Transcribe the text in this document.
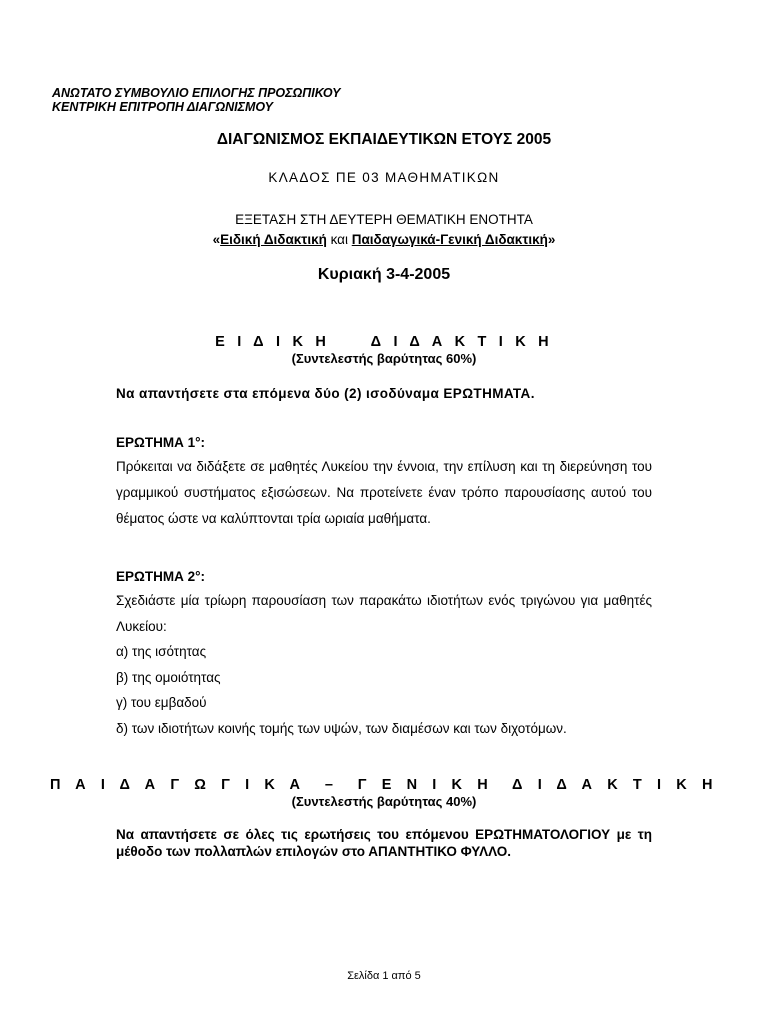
ΑΝΩΤΑΤΟ ΣΥΜΒΟΥΛΙΟ ΕΠΙΛΟΓΗΣ ΠΡΟΣΩΠΙΚΟΥ
ΚΕΝΤΡΙΚΗ ΕΠΙΤΡΟΠΗ ΔΙΑΓΩΝΙΣΜΟΥ
ΔΙΑΓΩΝΙΣΜΟΣ ΕΚΠΑΙΔΕΥΤΙΚΩΝ ΕΤΟΥΣ 2005
ΚΛΑΔΟΣ ΠΕ 03 ΜΑΘΗΜΑΤΙΚΩΝ
ΕΞΕΤΑΣΗ ΣΤΗ ΔΕΥΤΕΡΗ ΘΕΜΑΤΙΚΗ ΕΝΟΤΗΤΑ
«Ειδική Διδακτική και Παιδαγωγικά-Γενική Διδακτική»
Κυριακή 3-4-2005
Ε Ι Δ Ι Κ Η     Δ Ι Δ Α Κ Τ Ι Κ Η
(Συντελεστής βαρύτητας 60%)
Να απαντήσετε στα επόμενα δύο (2) ισοδύναμα ΕΡΩΤΗΜΑΤΑ.
ΕΡΩΤΗΜΑ 1°:
Πρόκειται να διδάξετε σε μαθητές Λυκείου την έννοια, την επίλυση και τη διερεύνηση του γραμμικού συστήματος εξισώσεων. Να προτείνετε έναν τρόπο παρουσίασης αυτού του θέματος ώστε να καλύπτονται τρία ωριαία μαθήματα.
ΕΡΩΤΗΜΑ 2°:
Σχεδιάστε μία τρίωρη παρουσίαση των παρακάτω ιδιοτήτων ενός τριγώνου για μαθητές Λυκείου:
α) της ισότητας
β) της ομοιότητας
γ) του εμβαδού
δ) των ιδιοτήτων κοινής τομής των υψών, των διαμέσων και των διχοτόμων.
Π Α Ι Δ Α Γ Ω Γ Ι Κ Α  –  Γ Ε Ν Ι Κ Η  Δ Ι Δ Α Κ Τ Ι Κ Η
(Συντελεστής βαρύτητας 40%)
Να απαντήσετε σε όλες τις ερωτήσεις του επόμενου ΕΡΩΤΗΜΑΤΟΛΟΓΙΟΥ με τη μέθοδο των πολλαπλών επιλογών στο ΑΠΑΝΤΗΤΙΚΟ ΦΥΛΛΟ.
Σελίδα 1 από 5
